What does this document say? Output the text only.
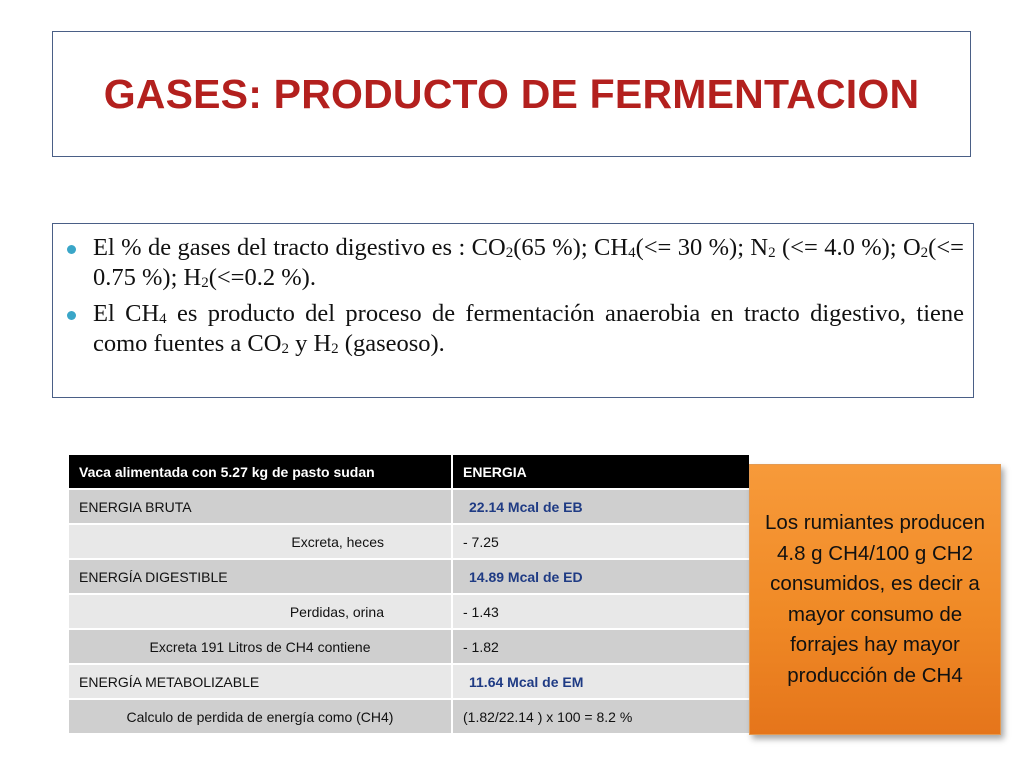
GASES: PRODUCTO DE FERMENTACION
El % de gases del tracto digestivo es : $CO_2(65$ %); $CH_4(<= 30$ %); $N_2$ (<= 4.0 %); $O_2(<= 0.75$ %); $H_2(<=0.2$ %).
El $CH_4$ es producto del proceso de fermentación anaerobia en tracto digestivo, tiene como fuentes a $CO_2$ y $H_2$ (gaseoso).
Vaca alimentada con 5.27 kg de pasto sudan	ENERGIA
ENERGIA BRUTA	22.14 Mcal de EB
Excreta, heces	- 7.25
ENERGÍA DIGESTIBLE	14.89 Mcal de ED
Perdidas, orina	- 1.43
Excreta 191 Litros de CH4 contiene	- 1.82
ENERGÍA METABOLIZABLE	11.64 Mcal de EM
Calculo de perdida de energía como (CH4)	(1.82/22.14 ) x 100 = 8.2 %
Los rumiantes producen 4.8 g CH4/100 g CH2 consumidos, es decir a mayor consumo de forrajes hay mayor producción de CH4
